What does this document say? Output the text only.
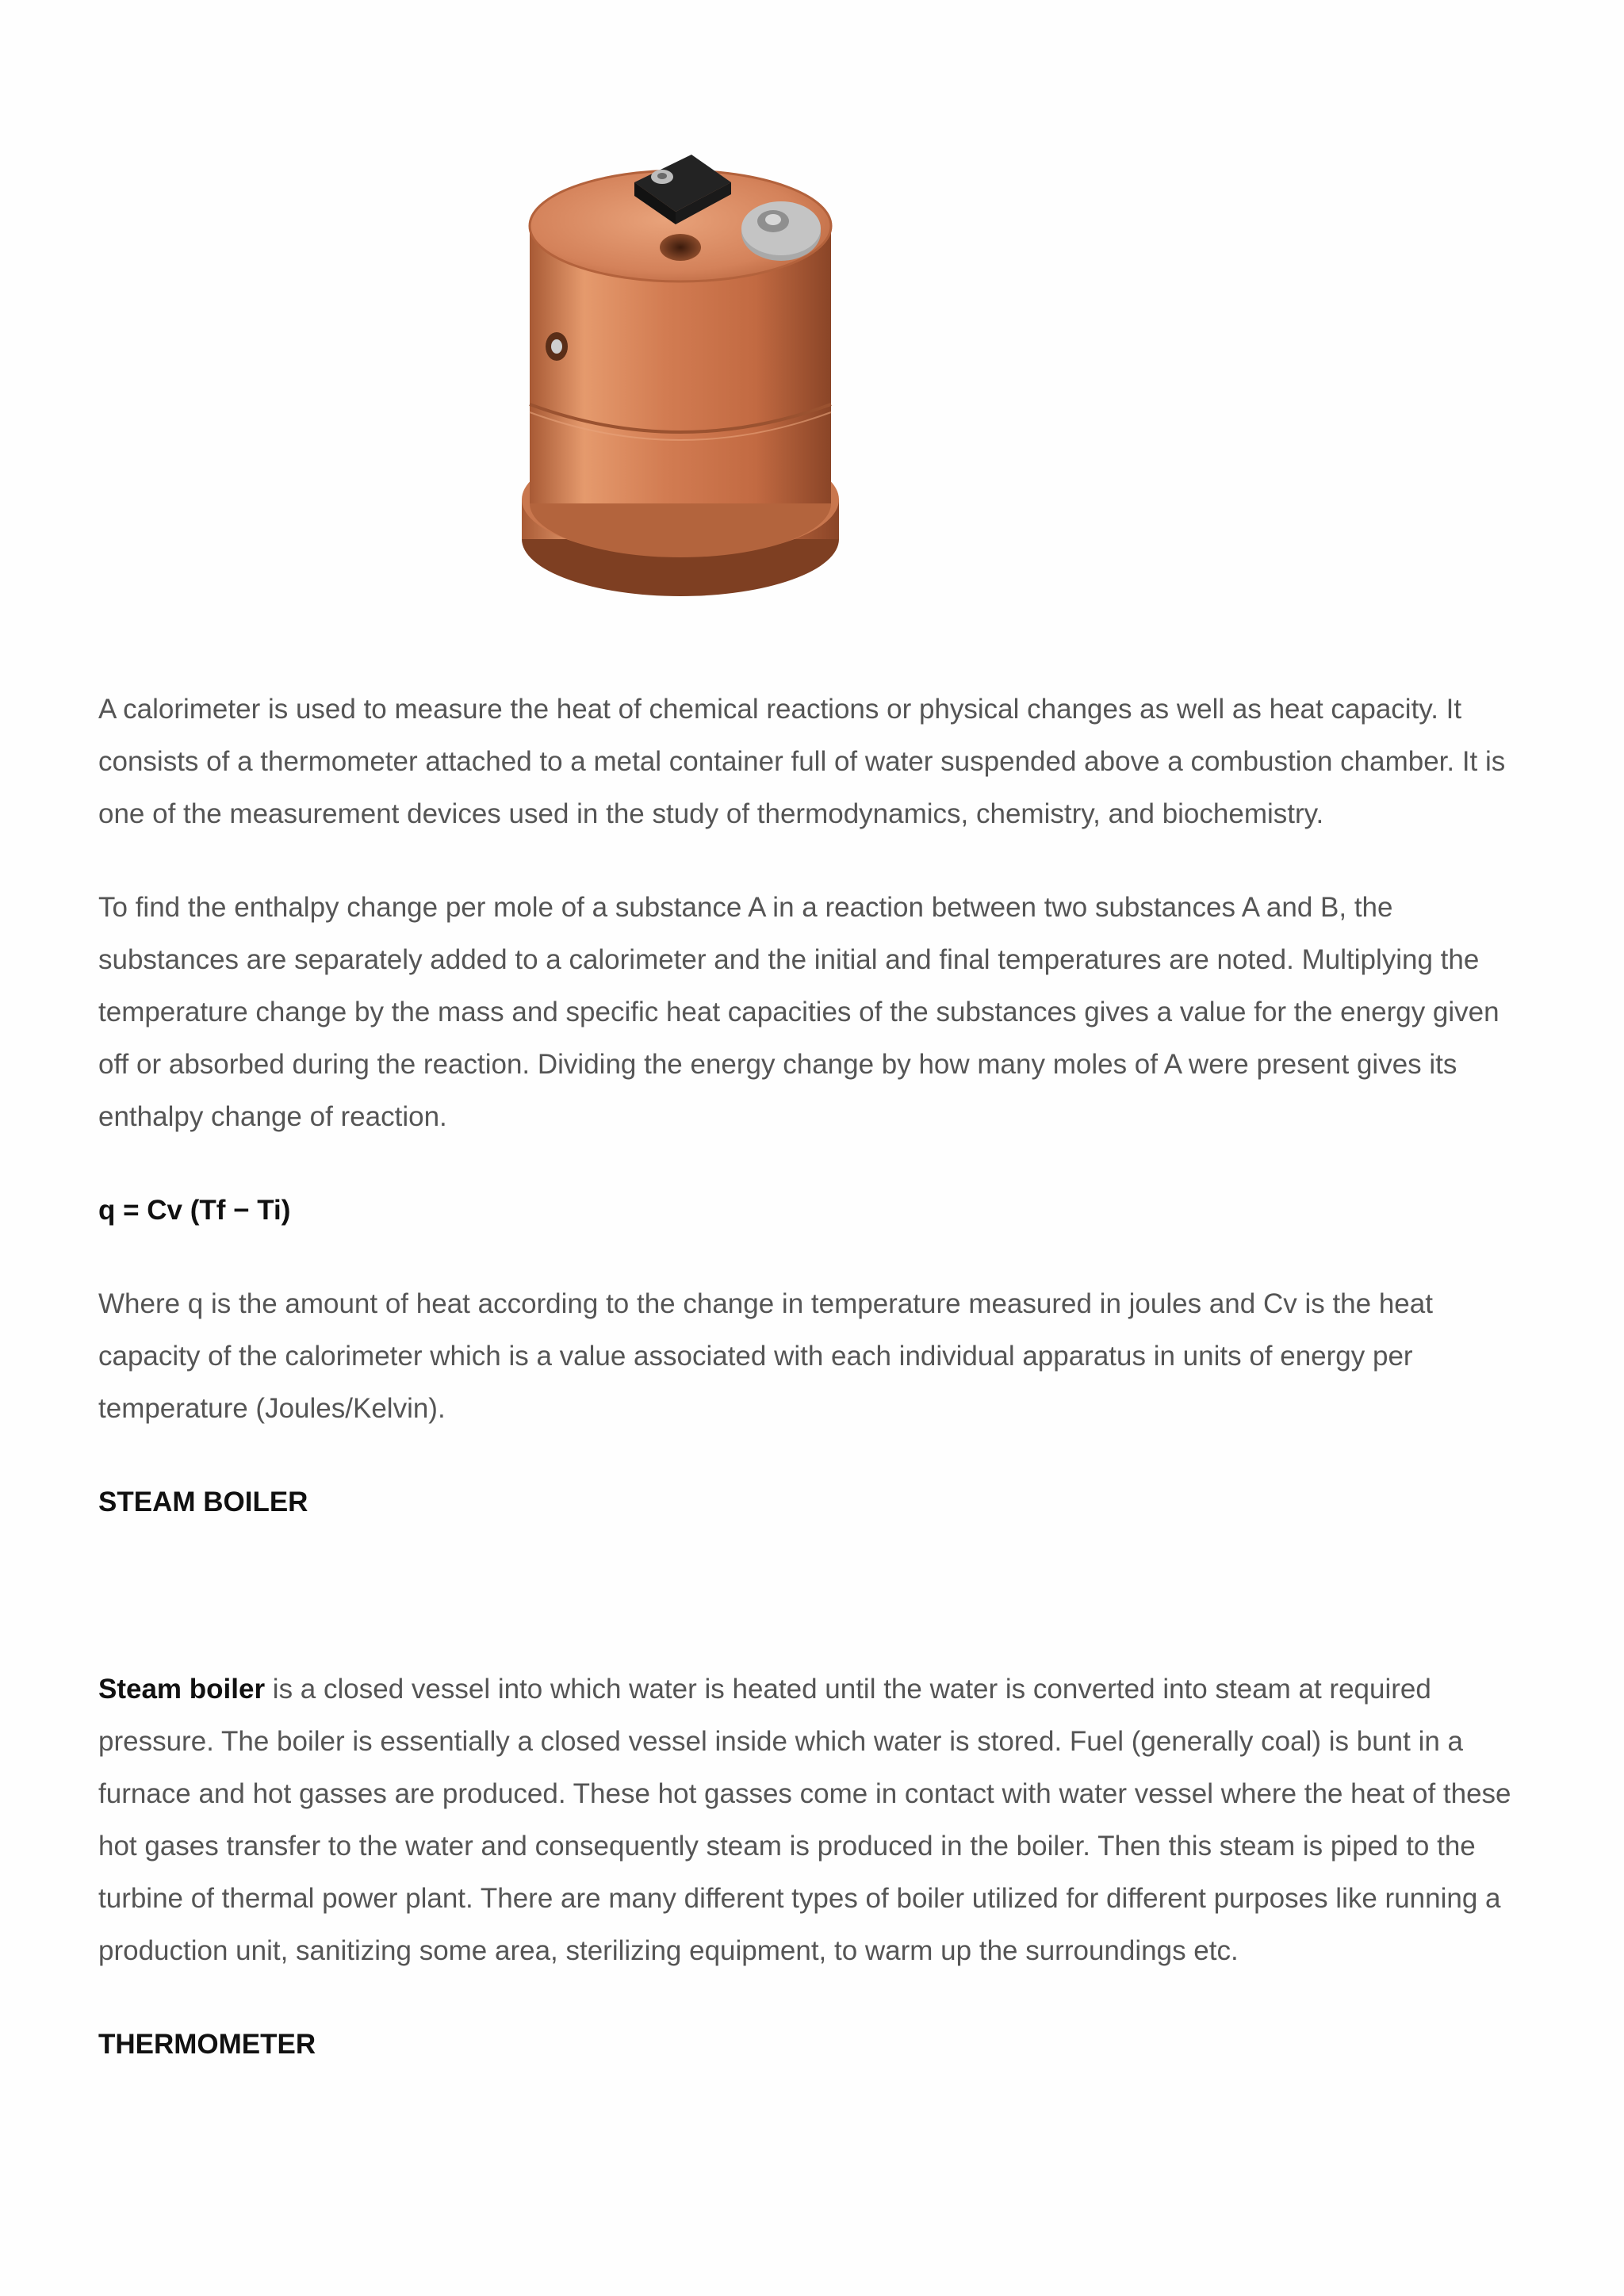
A calorimeter is used to measure the heat of chemical reactions or physical changes as well as heat capacity. It consists of a thermometer attached to a metal container full of water suspended above a combustion chamber. It is one of the measurement devices used in the study of thermodynamics, chemistry, and biochemistry.

To find the enthalpy change per mole of a substance A in a reaction between two substances A and B, the substances are separately added to a calorimeter and the initial and final temperatures are noted. Multiplying the temperature change by the mass and specific heat capacities of the substances gives a value for the energy given off or absorbed during the reaction. Dividing the energy change by how many moles of A were present gives its enthalpy change of reaction.

q = Cv (Tf − Ti)

Where q is the amount of heat according to the change in temperature measured in joules and Cv is the heat capacity of the calorimeter which is a value associated with each individual apparatus in units of energy per temperature (Joules/Kelvin).

STEAM BOILER

Steam boiler is a closed vessel into which water is heated until the water is converted into steam at required pressure. The boiler is essentially a closed vessel inside which water is stored. Fuel (generally coal) is bunt in a furnace and hot gasses are produced. These hot gasses come in contact with water vessel where the heat of these hot gases transfer to the water and consequently steam is produced in the boiler. Then this steam is piped to the turbine of thermal power plant. There are many different types of boiler utilized for different purposes like running a production unit, sanitizing some area, sterilizing equipment, to warm up the surroundings etc.

THERMOMETER
